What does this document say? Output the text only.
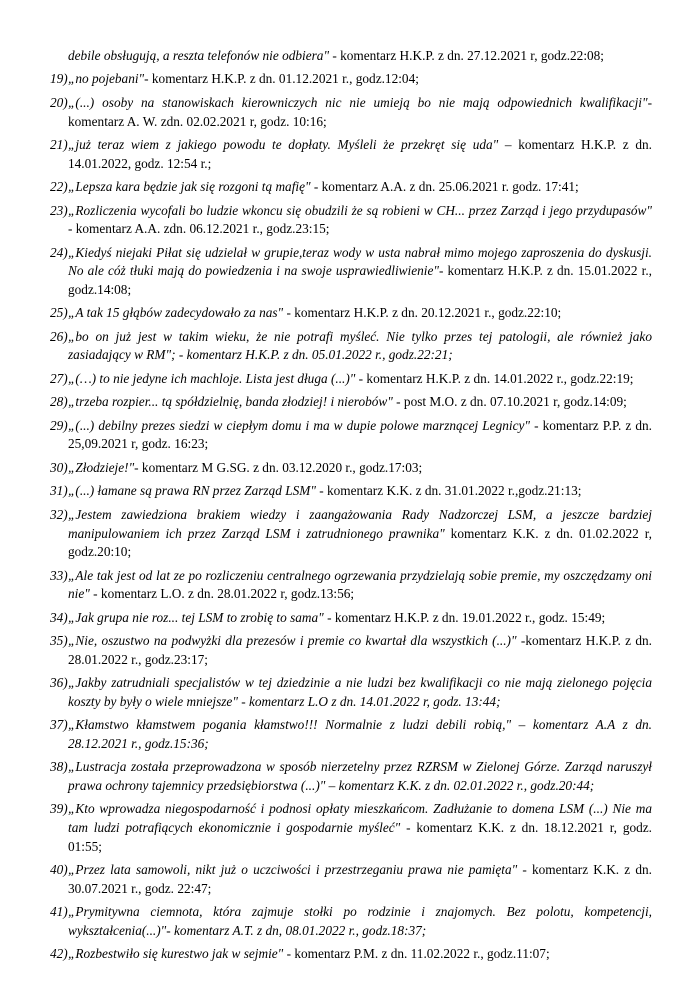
debile obsługują, a reszta telefonów nie odbiera" - komentarz H.K.P. z dn. 27.12.2021 r, godz.22:08;
19) „no pojebani"- komentarz H.K.P. z dn. 01.12.2021 r., godz.12:04;
20) „(...) osoby na stanowiskach kierowniczych nic nie umieją bo nie mają odpowiednich kwalifikacji"- komentarz A. W. zdn. 02.02.2021 r, godz. 10:16;
21) „już teraz wiem z jakiego powodu te dopłaty. Myśleli że przekręt się uda" – komentarz H.K.P. z dn. 14.01.2022, godz. 12:54 r.;
22) „Lepsza kara będzie jak się rozgoni tą mafię" - komentarz A.A. z dn. 25.06.2021 r. godz. 17:41;
23) „Rozliczenia wycofali bo ludzie wkoncu się obudzili że są robieni w CH... przez Zarząd i jego przydupasów" - komentarz A.A. zdn. 06.12.2021 r., godz.23:15;
24) „Kiedyś niejaki Piłat się udzielał w grupie,teraz wody w usta nabrał mimo mojego zaproszenia do dyskusji. No ale cóż tłuki mają do powiedzenia i na swoje usprawiedliwienie"- komentarz H.K.P. z dn. 15.01.2022 r., godz.14:08;
25) „A tak 15 głąbów zadecydowało za nas" - komentarz H.K.P. z dn. 20.12.2021 r., godz.22:10;
26) „bo on już jest w takim wieku, że nie potrafi myśleć. Nie tylko przes tej patologii, ale również jako zasiadający w RM"; - komentarz H.K.P. z dn. 05.01.2022 r., godz.22:21;
27) „(…) to nie jedyne ich machloje. Lista jest długa (...)" - komentarz H.K.P. z dn. 14.01.2022 r., godz.22:19;
28) „trzeba rozpier... tą spółdzielnię, banda złodziej! i nierobów" - post M.O. z dn. 07.10.2021 r, godz.14:09;
29) „(...) debilny prezes siedzi w ciepłym domu i ma w dupie polowe marznącej Legnicy" - komentarz P.P. z dn. 25,09.2021 r, godz. 16:23;
30) „Złodzieje!"- komentarz M G.SG. z dn. 03.12.2020 r., godz.17:03;
31) „(...) łamane są prawa RN przez Zarząd LSM" - komentarz K.K. z dn. 31.01.2022 r.,godz.21:13;
32) „Jestem zawiedziona brakiem wiedzy i zaangażowania Rady Nadzorczej LSM, a jeszcze bardziej manipulowaniem ich przez Zarząd LSM i zatrudnionego prawnika" komentarz K.K. z dn. 01.02.2022 r, godz.20:10;
33) „Ale tak jest od lat ze po rozliczeniu centralnego ogrzewania przydzielają sobie premie, my oszczędzamy oni nie" - komentarz L.O. z dn. 28.01.2022 r, godz.13:56;
34) „Jak grupa nie roz... tej LSM to zrobię to sama" - komentarz H.K.P. z dn. 19.01.2022 r., godz. 15:49;
35) „Nie, oszustwo na podwyżki dla prezesów i premie co kwartał dla wszystkich (...)" -komentarz H.K.P. z dn. 28.01.2022 r., godz.23:17;
36) „Jakby zatrudniali specjalistów w tej dziedzinie a nie ludzi bez kwalifikacji co nie mają zielonego pojęcia koszty by były o wiele mniejsze" - komentarz L.O z dn. 14.01.2022 r, godz. 13:44;
37) „Kłamstwo kłamstwem pogania kłamstwo!!! Normalnie z ludzi debili robią," – komentarz A.A z dn. 28.12.2021 r., godz.15:36;
38) „Lustracja została przeprowadzona w sposób nierzetelny przez RZRSM w Zielonej Górze. Zarząd naruszył prawa ochrony tajemnicy przedsiębiorstwa (...)" – komentarz K.K. z dn. 02.01.2022 r., godz.20:44;
39) „Kto wprowadza niegospodarność i podnosi opłaty mieszkańcom. Zadłużanie to domena LSM (...) Nie ma tam ludzi potrafiących ekonomicznie i gospodarnie myśleć" - komentarz K.K. z dn. 18.12.2021 r, godz. 01:55;
40) „Przez lata samowoli, nikt już o uczciwości i przestrzeganiu prawa nie pamięta" - komentarz K.K. z dn. 30.07.2021 r., godz. 22:47;
41) „Prymitywna ciemnota, która zajmuje stołki po rodzinie i znajomych. Bez polotu, kompetencji, wykształcenia(...)"- komentarz A.T. z dn, 08.01.2022 r., godz.18:37;
42) „Rozbestwiło się kurestwo jak w sejmie" - komentarz P.M. z dn. 11.02.2022 r., godz.11:07;
